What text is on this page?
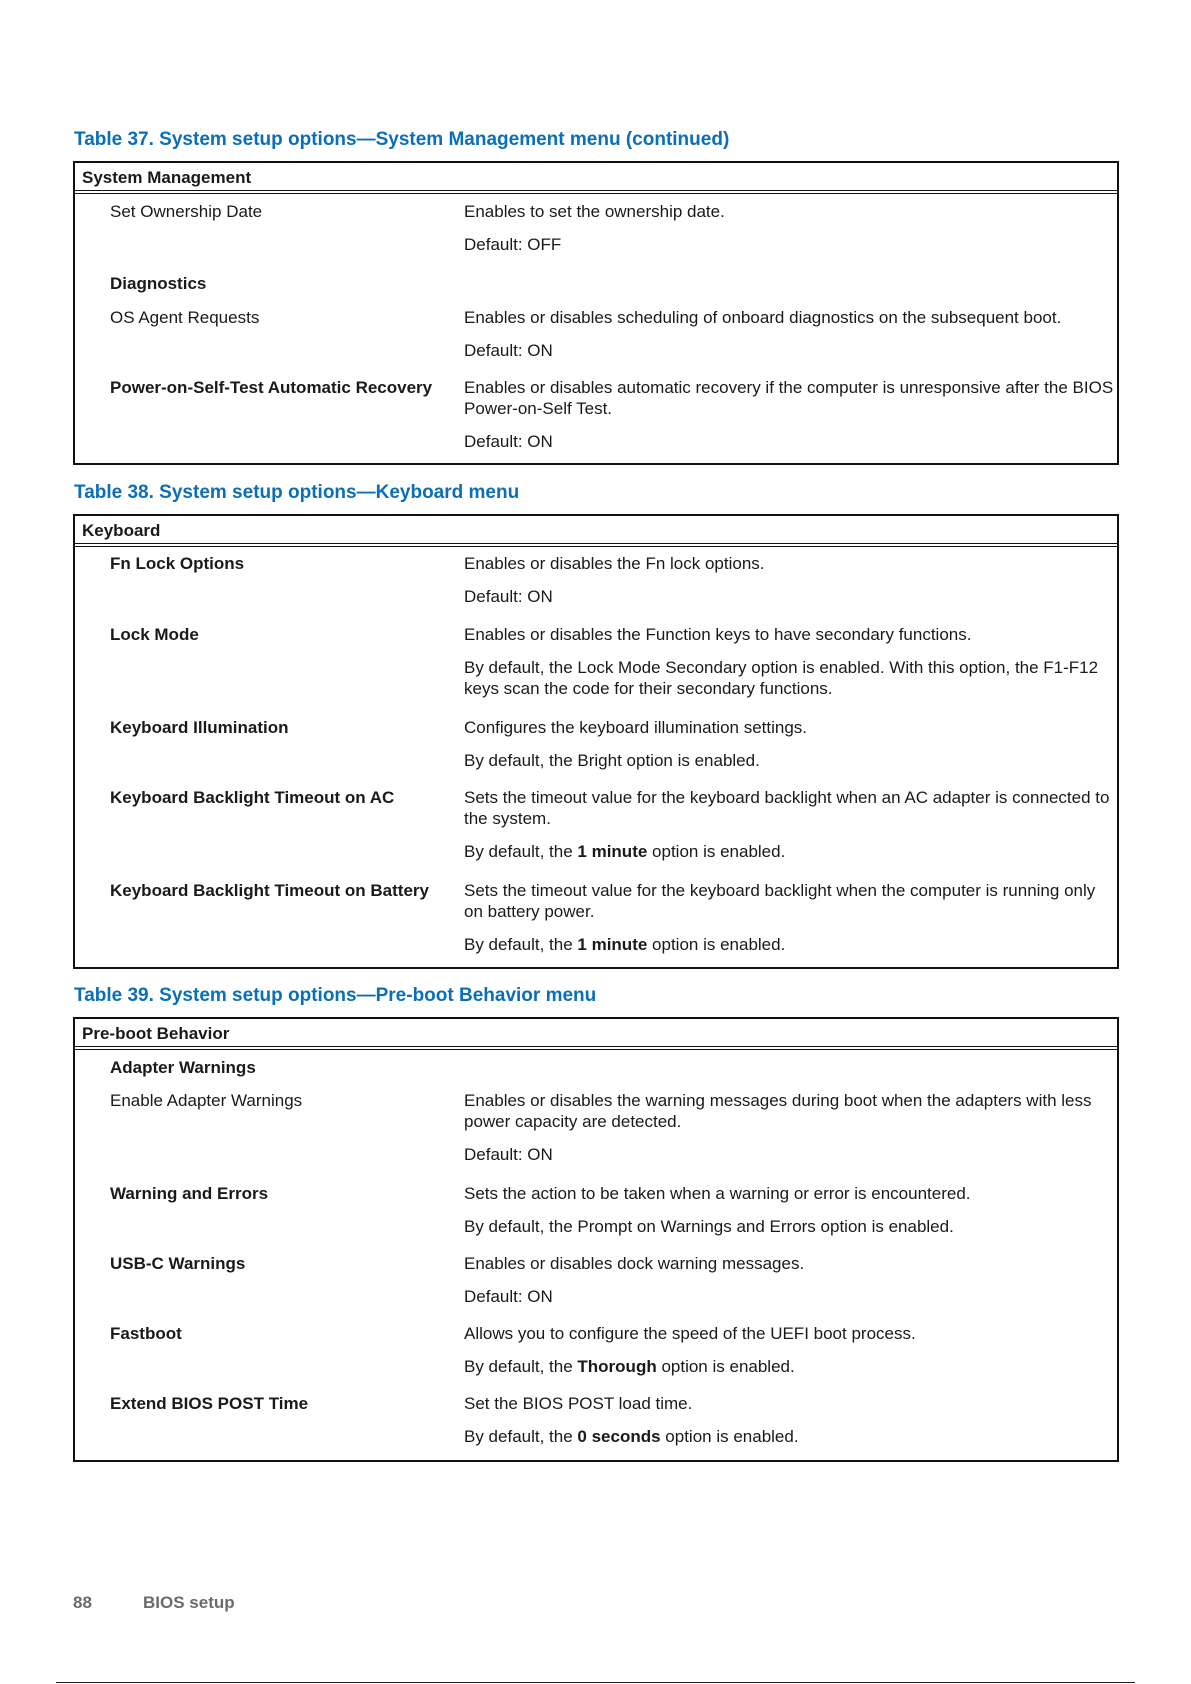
Table 37. System setup options—System Management menu (continued)
System Management
Set Ownership Date	Enables to set the ownership date.

Default: OFF

Diagnostics
OS Agent Requests	Enables or disables scheduling of onboard diagnostics on the subsequent boot.

Default: ON

Power-on-Self-Test Automatic Recovery	Enables or disables automatic recovery if the computer is unresponsive after the BIOS Power-on-Self Test.

Default: ON

Table 38. System setup options—Keyboard menu
Keyboard
Fn Lock Options	Enables or disables the Fn lock options.

Default: ON

Lock Mode	Enables or disables the Function keys to have secondary functions.

By default, the Lock Mode Secondary option is enabled. With this option, the F1-F12 keys scan the code for their secondary functions.

Keyboard Illumination	Configures the keyboard illumination settings.

By default, the Bright option is enabled.

Keyboard Backlight Timeout on AC	Sets the timeout value for the keyboard backlight when an AC adapter is connected to the system.

By default, the 1 minute option is enabled.

Keyboard Backlight Timeout on Battery	Sets the timeout value for the keyboard backlight when the computer is running only on battery power.

By default, the 1 minute option is enabled.

Table 39. System setup options—Pre-boot Behavior menu
Pre-boot Behavior
Adapter Warnings
Enable Adapter Warnings	Enables or disables the warning messages during boot when the adapters with less power capacity are detected.

Default: ON

Warning and Errors	Sets the action to be taken when a warning or error is encountered.

By default, the Prompt on Warnings and Errors option is enabled.

USB-C Warnings	Enables or disables dock warning messages.

Default: ON

Fastboot	Allows you to configure the speed of the UEFI boot process.

By default, the Thorough option is enabled.

Extend BIOS POST Time	Set the BIOS POST load time.

By default, the 0 seconds option is enabled.

88	BIOS setup
